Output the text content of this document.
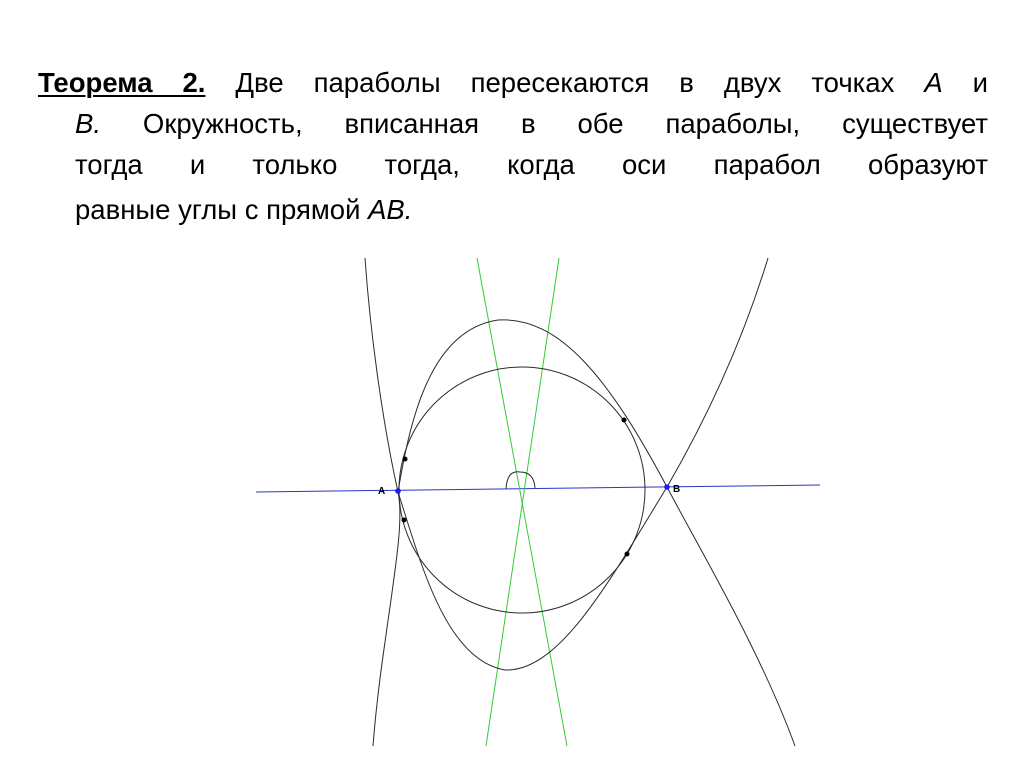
Теорема 2. Две параболы пересекаются в двух точках A и
B. Окружность, вписанная в обе параболы, существует
тогда и только тогда, когда оси парабол образуют
равные углы с прямой AB.
A	B
